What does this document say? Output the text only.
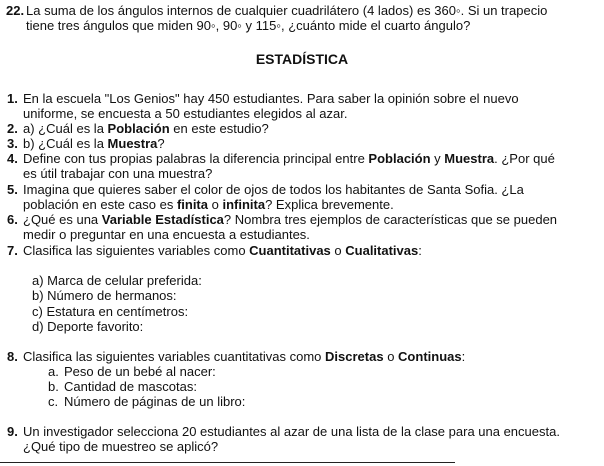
ESTADÍSTICA
22. La suma de los ángulos internos de cualquier cuadrilátero (4 lados) es 360◦. Si un trapecio
tiene tres ángulos que miden 90◦, 90◦ y 115◦, ¿cuánto mide el cuarto ángulo?
1. En la escuela "Los Genios" hay 450 estudiantes. Para saber la opinión sobre el nuevo
uniforme, se encuesta a 50 estudiantes elegidos al azar.
2. a) ¿Cuál es la Población en este estudio?
3. b) ¿Cuál es la Muestra?
4. Define con tus propias palabras la diferencia principal entre Población y Muestra. ¿Por qué
es útil trabajar con una muestra?
5. Imagina que quieres saber el color de ojos de todos los habitantes de Santa Sofia. ¿La
población en este caso es finita o infinita? Explica brevemente.
6. ¿Qué es una Variable Estadística? Nombra tres ejemplos de características que se pueden
medir o preguntar en una encuesta a estudiantes.
7. Clasifica las siguientes variables como Cuantitativas o Cualitativas:
8. Clasifica las siguientes variables cuantitativas como Discretas o Continuas:
9. Un investigador selecciona 20 estudiantes al azar de una lista de la clase para una encuesta.
¿Qué tipo de muestreo se aplicó?
a) Marca de celular preferida:
b) Número de hermanos:
c) Estatura en centímetros:
d) Deporte favorito:
a. Peso de un bebé al nacer:
b. Cantidad de mascotas:
c. Número de páginas de un libro:
